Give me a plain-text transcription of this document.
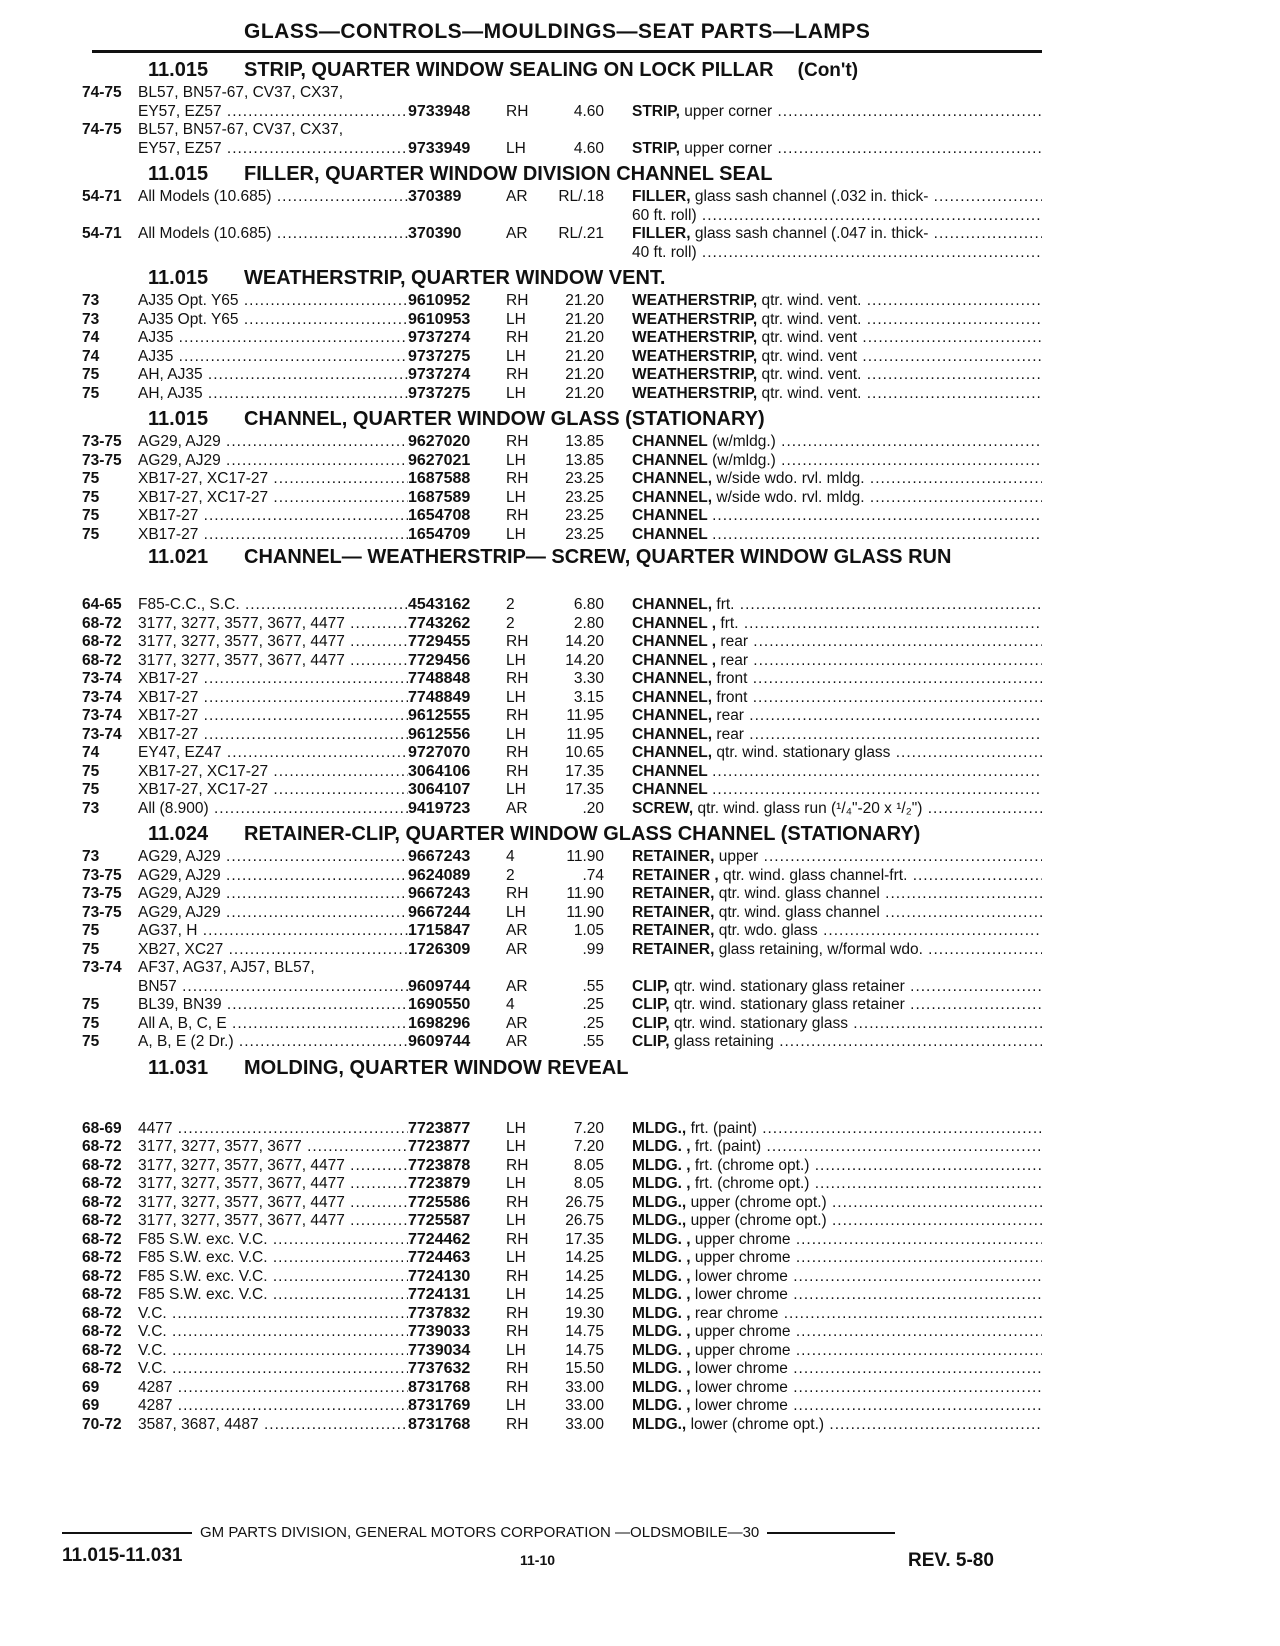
GLASS—CONTROLS—MOULDINGS—SEAT PARTS—LAMPS
11.015	STRIP, QUARTER WINDOW SEALING ON LOCK PILLAR (Con't)
74-75	BL57, BN57-67, CV37, CX37,
EY57, EZ57 .....	9733948	RH	4.60	STRIP, upper corner .....
74-75	BL57, BN57-67, CV37, CX37,
EY57, EZ57 .....	9733949	LH	4.60	STRIP, upper corner .....
11.015	FILLER, QUARTER WINDOW DIVISION CHANNEL SEAL
54-71	All Models (10.685) .....	370389	AR	RL/.18	FILLER, glass sash channel (.032 in. thick- .....
60 ft. roll) .....
54-71	All Models (10.685) .....	370390	AR	RL/.21	FILLER, glass sash channel (.047 in. thick- .....
40 ft. roll) .....
11.015	WEATHERSTRIP, QUARTER WINDOW VENT.
73	AJ35 Opt. Y65 .....	9610952	RH	21.20	WEATHERSTRIP, qtr. wind. vent. .....
73	AJ35 Opt. Y65 .....	9610953	LH	21.20	WEATHERSTRIP, qtr. wind. vent. .....
74	AJ35 .....	9737274	RH	21.20	WEATHERSTRIP, qtr. wind. vent .....
74	AJ35 .....	9737275	LH	21.20	WEATHERSTRIP, qtr. wind. vent .....
75	AH, AJ35 .....	9737274	RH	21.20	WEATHERSTRIP, qtr. wind. vent. .....
75	AH, AJ35 .....	9737275	LH	21.20	WEATHERSTRIP, qtr. wind. vent. .....
11.015	CHANNEL, QUARTER WINDOW GLASS (STATIONARY)
73-75	AG29, AJ29 .....	9627020	RH	13.85	CHANNEL (w/mldg.) .....
73-75	AG29, AJ29 .....	9627021	LH	13.85	CHANNEL (w/mldg.) .....
75	XB17-27, XC17-27 .....	1687588	RH	23.25	CHANNEL, w/side wdo. rvl. mldg. .....
75	XB17-27, XC17-27 .....	1687589	LH	23.25	CHANNEL, w/side wdo. rvl. mldg. .....
75	XB17-27 .....	1654708	RH	23.25	CHANNEL .....
75	XB17-27 .....	1654709	LH	23.25	CHANNEL .....
11.021	CHANNEL— WEATHERSTRIP— SCREW, QUARTER WINDOW GLASS RUN
64-65	F85-C.C., S.C. .....	4543162	2	6.80	CHANNEL, frt. .....
68-72	3177, 3277, 3577, 3677, 4477 .....	7743262	2	2.80	CHANNEL , frt. .....
68-72	3177, 3277, 3577, 3677, 4477 .....	7729455	RH	14.20	CHANNEL , rear .....
68-72	3177, 3277, 3577, 3677, 4477 .....	7729456	LH	14.20	CHANNEL , rear .....
73-74	XB17-27 .....	7748848	RH	3.30	CHANNEL, front .....
73-74	XB17-27 .....	7748849	LH	3.15	CHANNEL, front .....
73-74	XB17-27 .....	9612555	RH	11.95	CHANNEL, rear .....
73-74	XB17-27 .....	9612556	LH	11.95	CHANNEL, rear .....
74	EY47, EZ47 .....	9727070	RH	10.65	CHANNEL, qtr. wind. stationary glass .....
75	XB17-27, XC17-27 .....	3064106	RH	17.35	CHANNEL .....
75	XB17-27, XC17-27 .....	3064107	LH	17.35	CHANNEL .....
73	All (8.900) .....	9419723	AR	.20	SCREW, qtr. wind. glass run (¹/₄"-20 x ¹/₂") .....
11.024	RETAINER-CLIP, QUARTER WINDOW GLASS CHANNEL (STATIONARY)
73	AG29, AJ29 .....	9667243	4	11.90	RETAINER, upper .....
73-75	AG29, AJ29 .....	9624089	2	.74	RETAINER , qtr. wind. glass channel-frt. .....
73-75	AG29, AJ29 .....	9667243	RH	11.90	RETAINER, qtr. wind. glass channel .....
73-75	AG29, AJ29 .....	9667244	LH	11.90	RETAINER, qtr. wind. glass channel .....
75	AG37, H .....	1715847	AR	1.05	RETAINER, qtr. wdo. glass .....
75	XB27, XC27 .....	1726309	AR	.99	RETAINER, glass retaining, w/formal wdo. .....
73-74	AF37, AG37, AJ57, BL57,
BN57 .....	9609744	AR	.55	CLIP, qtr. wind. stationary glass retainer .....
75	BL39, BN39 .....	1690550	4	.25	CLIP, qtr. wind. stationary glass retainer .....
75	All A, B, C, E .....	1698296	AR	.25	CLIP, qtr. wind. stationary glass .....
75	A, B, E (2 Dr.) .....	9609744	AR	.55	CLIP, glass retaining .....
11.031	MOLDING, QUARTER WINDOW REVEAL
68-69	4477 .....	7723877	LH	7.20	MLDG., frt. (paint) .....
68-72	3177, 3277, 3577, 3677 .....	7723877	LH	7.20	MLDG. , frt. (paint) .....
68-72	3177, 3277, 3577, 3677, 4477 .....	7723878	RH	8.05	MLDG. , frt. (chrome opt.) .....
68-72	3177, 3277, 3577, 3677, 4477 .....	7723879	LH	8.05	MLDG. , frt. (chrome opt.) .....
68-72	3177, 3277, 3577, 3677, 4477 .....	7725586	RH	26.75	MLDG., upper (chrome opt.) .....
68-72	3177, 3277, 3577, 3677, 4477 .....	7725587	LH	26.75	MLDG., upper (chrome opt.) .....
68-72	F85 S.W. exc. V.C. .....	7724462	RH	17.35	MLDG. , upper chrome .....
68-72	F85 S.W. exc. V.C. .....	7724463	LH	14.25	MLDG. , upper chrome .....
68-72	F85 S.W. exc. V.C. .....	7724130	RH	14.25	MLDG. , lower chrome .....
68-72	F85 S.W. exc. V.C. .....	7724131	LH	14.25	MLDG. , lower chrome .....
68-72	V.C. .....	7737832	RH	19.30	MLDG. , rear chrome .....
68-72	V.C. .....	7739033	RH	14.75	MLDG. , upper chrome .....
68-72	V.C. .....	7739034	LH	14.75	MLDG. , upper chrome .....
68-72	V.C. .....	7737632	RH	15.50	MLDG. , lower chrome .....
69	4287 .....	8731768	RH	33.00	MLDG. , lower chrome .....
69	4287 .....	8731769	LH	33.00	MLDG. , lower chrome .....
70-72	3587, 3687, 4487 .....	8731768	RH	33.00	MLDG., lower (chrome opt.) .....
GM PARTS DIVISION, GENERAL MOTORS CORPORATION —OLDSMOBILE—30
11.015-11.031	11-10	REV. 5-80
